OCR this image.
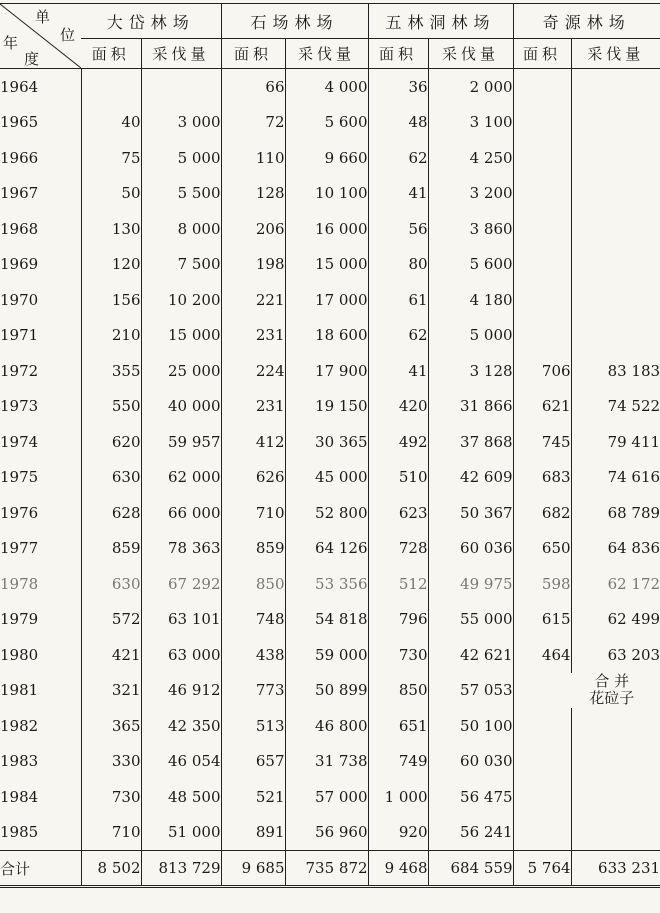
单
位
年
度	大岱林场		石场林场		五林洞林场		奇源林场	
	面积	采伐量	面积	采伐量	面积	采伐量	面积	采伐量
1964			66	4 000	36	2 000		
1965	40	3 000	72	5 600	48	3 100		
1966	75	5 000	110	9 660	62	4 250		
1967	50	5 500	128	10 100	41	3 200		
1968	130	8 000	206	16 000	56	3 860		
1969	120	7 500	198	15 000	80	5 600		
1970	156	10 200	221	17 000	61	4 180		
1971	210	15 000	231	18 600	62	5 000		
1972	355	25 000	224	17 900	41	3 128	706	83 183
1973	550	40 000	231	19 150	420	31 866	621	74 522
1974	620	59 957	412	30 365	492	37 868	745	79 411
1975	630	62 000	626	45 000	510	42 609	683	74 616
1976	628	66 000	710	52 800	623	50 367	682	68 789
1977	859	78 363	859	64 126	728	60 036	650	64 836
1978	630	67 292	850	53 356	512	49 975	598	62 172
1979	572	63 101	748	54 818	796	55 000	615	62 499
1980	421	63 000	438	59 000	730	42 621	464	63 203
1981	321	46 912	773	50 899	850	57 053	合 并
花砬子	

1982	365	42 350	513	46 800	651	50 100		
1983	330	46 054	657	31 738	749	60 030		
1984	730	48 500	521	57 000	1 000	56 475		
1985	710	51 000	891	56 960	920	56 241		
合计	8 502	813 729	9 685	735 872	9 468	684 559	5 764	633 231
